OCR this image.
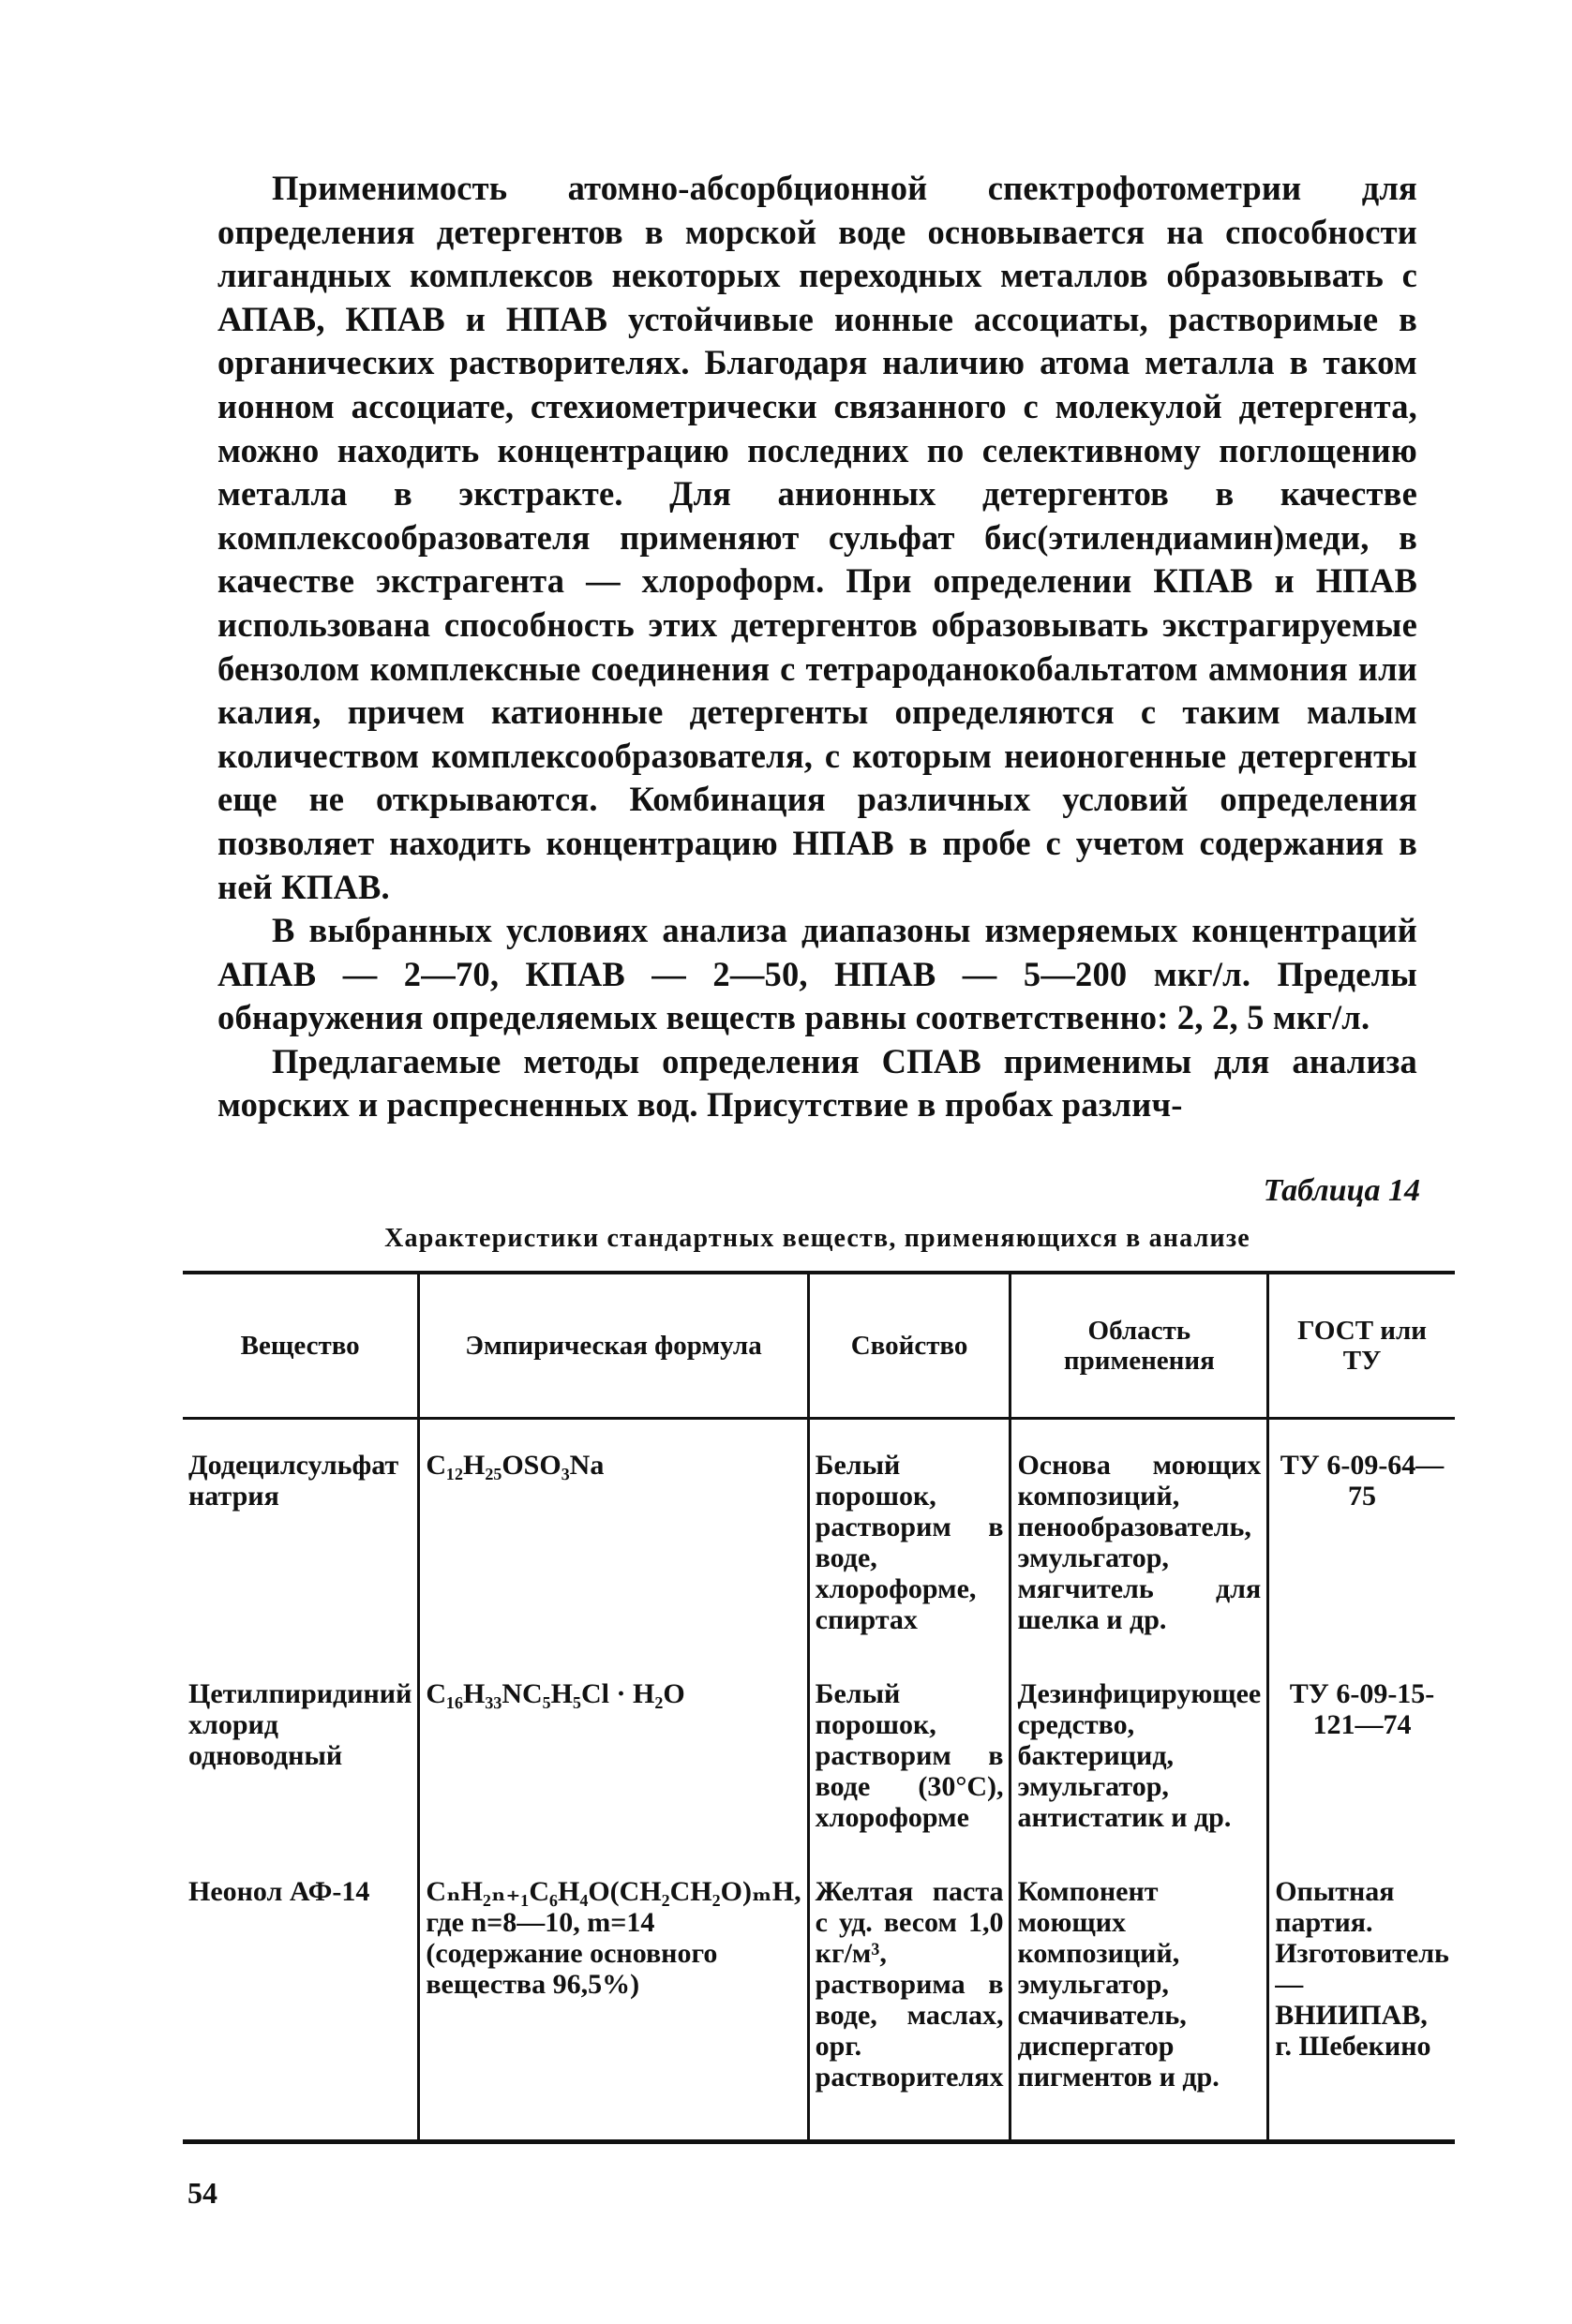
Применимость атомно-абсорбционной спектрофотометрии для определения детергентов в морской воде основывается на способности лигандных комплексов некоторых переходных металлов образовывать с АПАВ, КПАВ и НПАВ устойчивые ионные ассоциаты, растворимые в органических растворителях. Благодаря наличию атома металла в таком ионном ассоциате, стехиометрически связанного с молекулой детергента, можно находить концентрацию последних по селективному поглощению металла в экстракте. Для анионных детергентов в качестве комплексообразователя применяют сульфат бис(этилендиамин)меди, в качестве экстрагента — хлороформ. При определении КПАВ и НПАВ использована способность этих детергентов образовывать экстрагируемые бензолом комплексные соединения с тетрароданокобальтатом аммония или калия, причем катионные детергенты определяются с таким малым количеством комплексообразователя, с которым неионогенные детергенты еще не открываются. Комбинация различных условий определения позволяет находить концентрацию НПАВ в пробе с учетом содержания в ней КПАВ.

В выбранных условиях анализа диапазоны измеряемых концентраций АПАВ — 2—70, КПАВ — 2—50, НПАВ — 5—200 мкг/л. Пределы обнаружения определяемых веществ равны соответственно: 2, 2, 5 мкг/л.

Предлагаемые методы определения СПАВ применимы для анализа морских и распресненных вод. Присутствие в пробах различ-

Таблица 14
Характеристики стандартных веществ, применяющихся в анализе
Вещество	Эмпирическая формула	Свойство	Область применения	ГОСТ или ТУ
Додецилсульфат натрия	C₁₂H₂₅OSO₃Na	Белый порошок, растворим в воде, хлороформе, спиртах	Основа моющих композиций, пенообразователь, эмульгатор, мягчитель для шелка и др.	ТУ 6-09-64—75
Цетилпиридиний хлорид одноводный	C₁₆H₃₃NC₅H₅Cl · H₂O	Белый порошок, растворим в воде (30°С), хлороформе	Дезинфицирующее средство, бактерицид, эмульгатор, антистатик и др.	ТУ 6-09-15-121—74
Неонол АФ-14	CₙH₂ₙ₊₁C₆H₄O(CH₂CH₂O)ₘH, где n=8—10, m=14 (содержание основного вещества 96,5%)	Желтая паста с уд. весом 1,0 кг/м³, растворима в воде, маслах, орг. растворителях	Компонент моющих композиций, эмульгатор, смачиватель, диспергатор пигментов и др.	Опытная партия. Изготовитель — ВНИИПАВ, г. Шебекино
54
